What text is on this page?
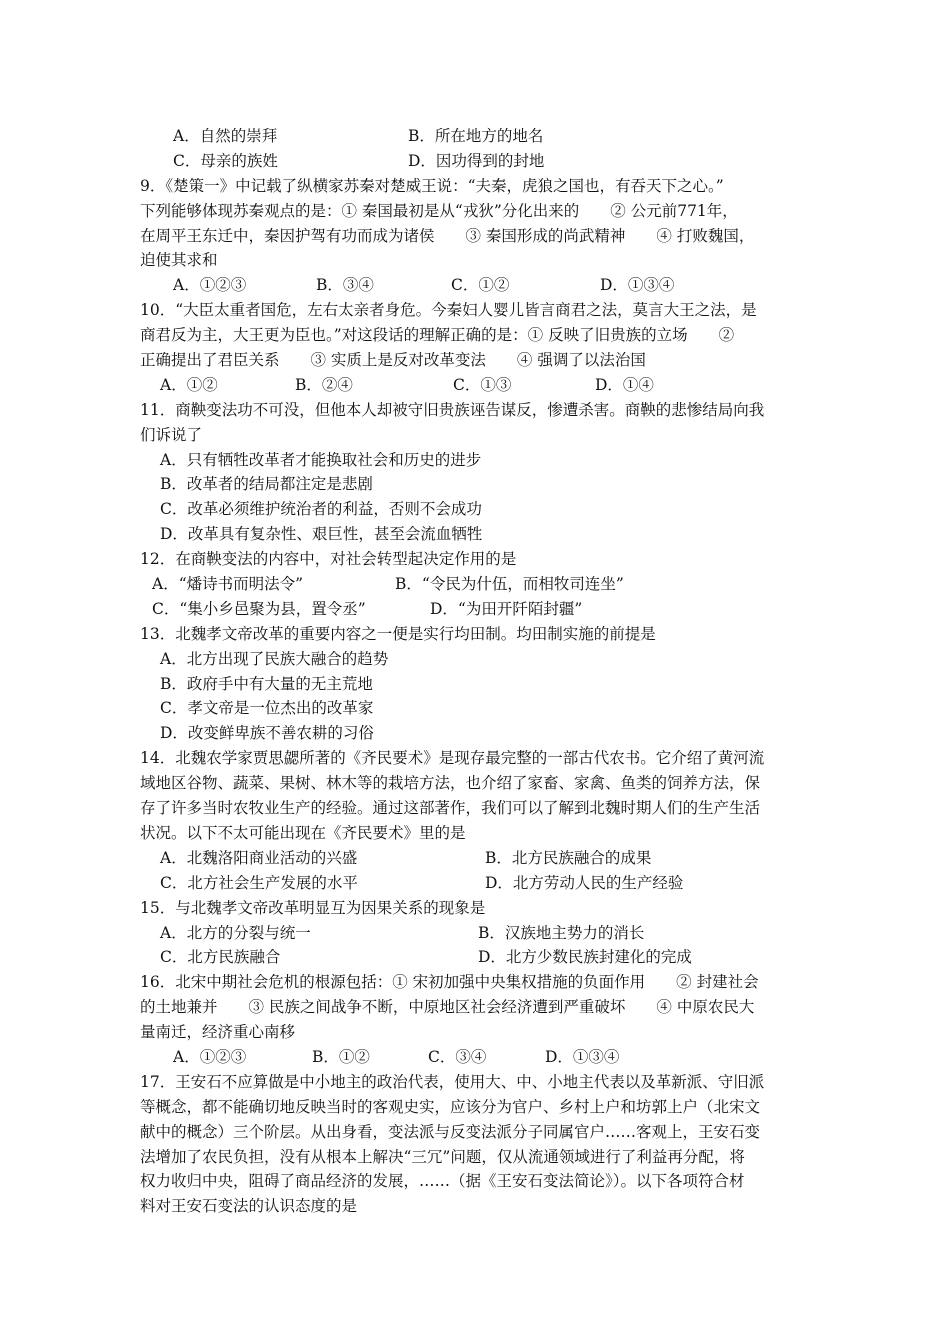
A．自然的崇拜	B．所在地方的地名
C．母亲的族姓	D．因功得到的封地
9．《楚策一》中记载了纵横家苏秦对楚威王说：“夫秦，虎狼之国也，有吞天下之心。”
下列能够体现苏秦观点的是：① 秦国最初是从“戎狄”分化出来的　　② 公元前771年，
在周平王东迁中，秦因护驾有功而成为诸侯　　③ 秦国形成的尚武精神　　④ 打败魏国，
迫使其求和
A．①②③	B．③④	C．①②	D．①③④
10．“大臣太重者国危，左右太亲者身危。今秦妇人婴儿皆言商君之法，莫言大王之法，是
商君反为主，大王更为臣也。”对这段话的理解正确的是：① 反映了旧贵族的立场　　②
正确提出了君臣关系　　③ 实质上是反对改革变法　　④ 强调了以法治国
A．①②	B．②④	C．①③	D．①④
11．商鞅变法功不可没，但他本人却被守旧贵族诬告谋反，惨遭杀害。商鞅的悲惨结局向我
们诉说了
A．只有牺牲改革者才能换取社会和历史的进步
B．改革者的结局都注定是悲剧
C．改革必须维护统治者的利益，否则不会成功
D．改革具有复杂性、艰巨性，甚至会流血牺牲
12．在商鞅变法的内容中，对社会转型起决定作用的是
A．“燔诗书而明法令”	B．“令民为什伍，而相牧司连坐”
C．“集小乡邑聚为县，置令丞”	D．“为田开阡陌封疆”
13．北魏孝文帝改革的重要内容之一便是实行均田制。均田制实施的前提是
A．北方出现了民族大融合的趋势
B．政府手中有大量的无主荒地
C．孝文帝是一位杰出的改革家
D．改变鲜卑族不善农耕的习俗
14．北魏农学家贾思勰所著的《齐民要术》是现存最完整的一部古代农书。它介绍了黄河流
域地区谷物、蔬菜、果树、林木等的栽培方法，也介绍了家畜、家禽、鱼类的饲养方法，保
存了许多当时农牧业生产的经验。通过这部著作，我们可以了解到北魏时期人们的生产生活
状况。以下不太可能出现在《齐民要术》里的是
A．北魏洛阳商业活动的兴盛	B．北方民族融合的成果
C．北方社会生产发展的水平	D．北方劳动人民的生产经验
15．与北魏孝文帝改革明显互为因果关系的现象是
A．北方的分裂与统一	B．汉族地主势力的消长
C．北方民族融合	D．北方少数民族封建化的完成
16．北宋中期社会危机的根源包括：① 宋初加强中央集权措施的负面作用　　② 封建社会
的土地兼并　　③ 民族之间战争不断，中原地区社会经济遭到严重破坏　　④ 中原农民大
量南迁，经济重心南移
A．①②③	B．①②	C．③④	D．①③④
17．王安石不应算做是中小地主的政治代表，使用大、中、小地主代表以及革新派、守旧派
等概念，都不能确切地反映当时的客观史实，应该分为官户、乡村上户和坊郭上户（北宋文
献中的概念）三个阶层。从出身看，变法派与反变法派分子同属官户……客观上，王安石变
法增加了农民负担，没有从根本上解决“三冗”问题，仅从流通领域进行了利益再分配，将
权力收归中央，阻碍了商品经济的发展，……（据《王安石变法简论》）。以下各项符合材
料对王安石变法的认识态度的是
